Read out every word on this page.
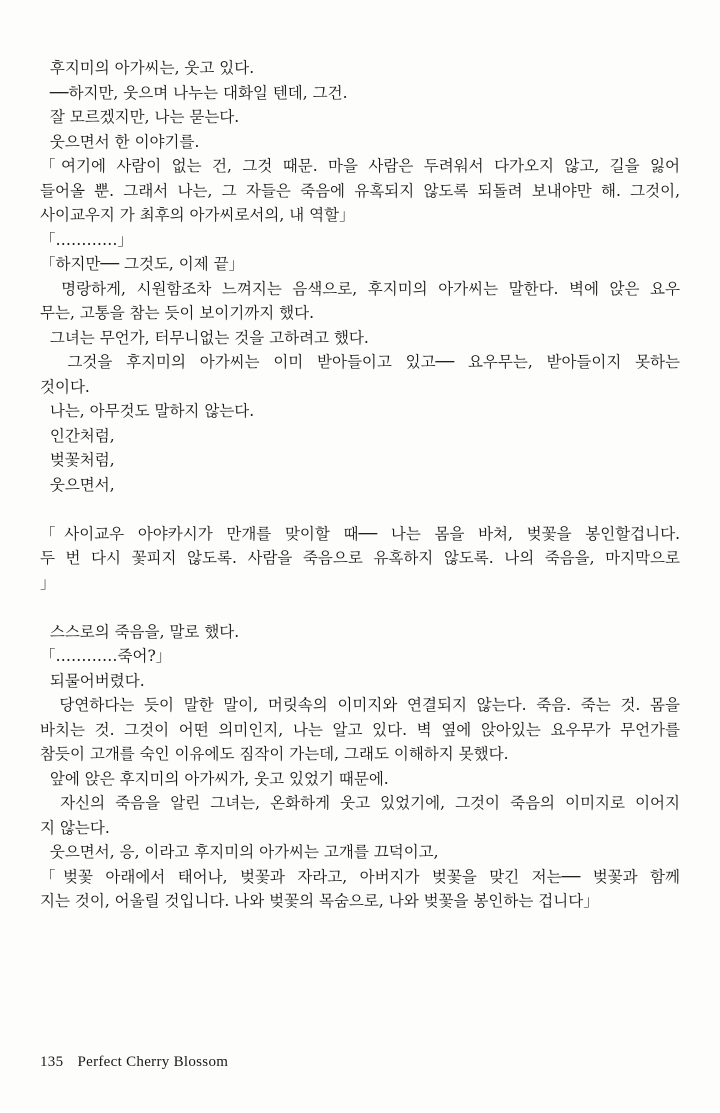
후지미의 아가씨는, 웃고 있다.
──하지만, 웃으며 나누는 대화일 텐데, 그건.
잘 모르겠지만, 나는 묻는다.
웃으면서 한 이야기를.
「여기에 사람이 없는 건, 그것 때문. 마을 사람은 두려워서 다가오지 않고, 길을 잃어
들어올 뿐. 그래서 나는, 그 자들은 죽음에 유혹되지 않도록 되돌려 보내야만 해. 그것이,
사이교우지 가 최후의 아가씨로서의, 내 역할」
「…………」
「하지만── 그것도, 이제 끝」
명랑하게, 시원함조차 느껴지는 음색으로, 후지미의 아가씨는 말한다. 벽에 앉은 요우
무는, 고통을 참는 듯이 보이기까지 했다.
그녀는 무언가, 터무니없는 것을 고하려고 했다.
그것을 후지미의 아가씨는 이미 받아들이고 있고── 요우무는, 받아들이지 못하는
것이다.
나는, 아무것도 말하지 않는다.
인간처럼,
벚꽃처럼,
웃으면서,
「사이교우 아야카시가 만개를 맞이할 때── 나는 몸을 바쳐, 벚꽃을 봉인할겁니다.
두 번 다시 꽃피지 않도록. 사람을 죽음으로 유혹하지 않도록. 나의 죽음을, 마지막으로
」
스스로의 죽음을, 말로 했다.
「…………죽어?」
되물어버렸다.
당연하다는 듯이 말한 말이, 머릿속의 이미지와 연결되지 않는다. 죽음. 죽는 것. 몸을
바치는 것. 그것이 어떤 의미인지, 나는 알고 있다. 벽 옆에 앉아있는 요우무가 무언가를
참듯이 고개를 숙인 이유에도 짐작이 가는데, 그래도 이해하지 못했다.
앞에 앉은 후지미의 아가씨가, 웃고 있었기 때문에.
자신의 죽음을 알린 그녀는, 온화하게 웃고 있었기에, 그것이 죽음의 이미지로 이어지
지 않는다.
웃으면서, 응, 이라고 후지미의 아가씨는 고개를 끄덕이고,
「벚꽃 아래에서 태어나, 벚꽃과 자라고, 아버지가 벚꽃을 맞긴 저는── 벚꽃과 함께
지는 것이, 어울릴 것입니다. 나와 벚꽃의 목숨으로, 나와 벚꽃을 봉인하는 겁니다」
135 Perfect Cherry Blossom
